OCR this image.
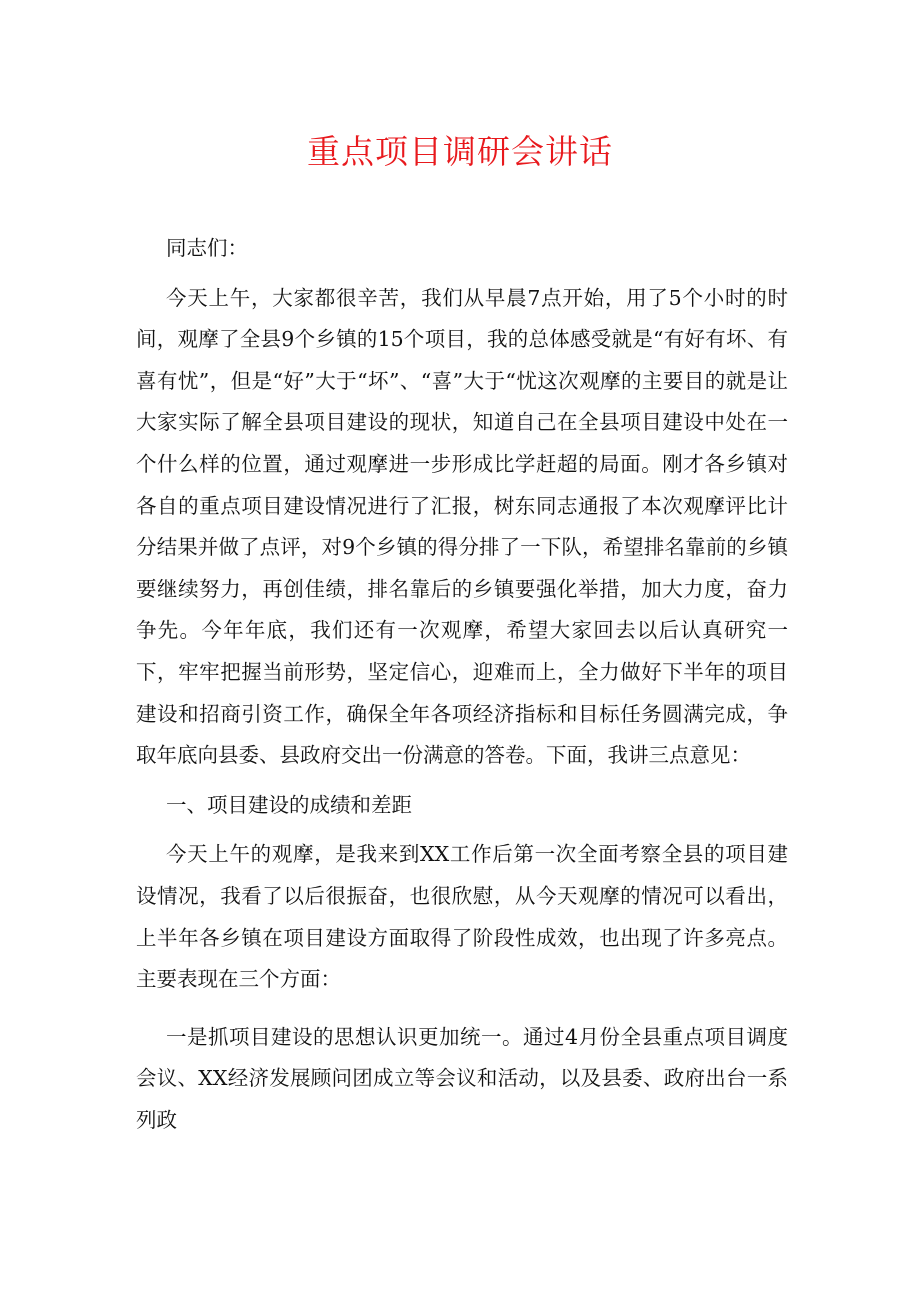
重点项目调研会讲话

同志们：

今天上午，大家都很辛苦，我们从早晨7点开始，用了5个小时的时间，观摩了全县9个乡镇的15个项目，我的总体感受就是“有好有坏、有喜有忧”，但是“好”大于“坏”、“喜”大于“忧这次观摩的主要目的就是让大家实际了解全县项目建设的现状，知道自己在全县项目建设中处在一个什么样的位置，通过观摩进一步形成比学赶超的局面。刚才各乡镇对各自的重点项目建设情况进行了汇报，树东同志通报了本次观摩评比计分结果并做了点评，对9个乡镇的得分排了一下队，希望排名靠前的乡镇要继续努力，再创佳绩，排名靠后的乡镇要强化举措，加大力度，奋力争先。今年年底，我们还有一次观摩，希望大家回去以后认真研究一下，牢牢把握当前形势，坚定信心，迎难而上，全力做好下半年的项目建设和招商引资工作，确保全年各项经济指标和目标任务圆满完成，争取年底向县委、县政府交出一份满意的答卷。下面，我讲三点意见：

一、项目建设的成绩和差距

今天上午的观摩，是我来到XX工作后第一次全面考察全县的项目建设情况，我看了以后很振奋，也很欣慰，从今天观摩的情况可以看出，上半年各乡镇在项目建设方面取得了阶段性成效，也出现了许多亮点。主要表现在三个方面：

一是抓项目建设的思想认识更加统一。通过4月份全县重点项目调度会议、XX经济发展顾问团成立等会议和活动，以及县委、政府出台一系列政
